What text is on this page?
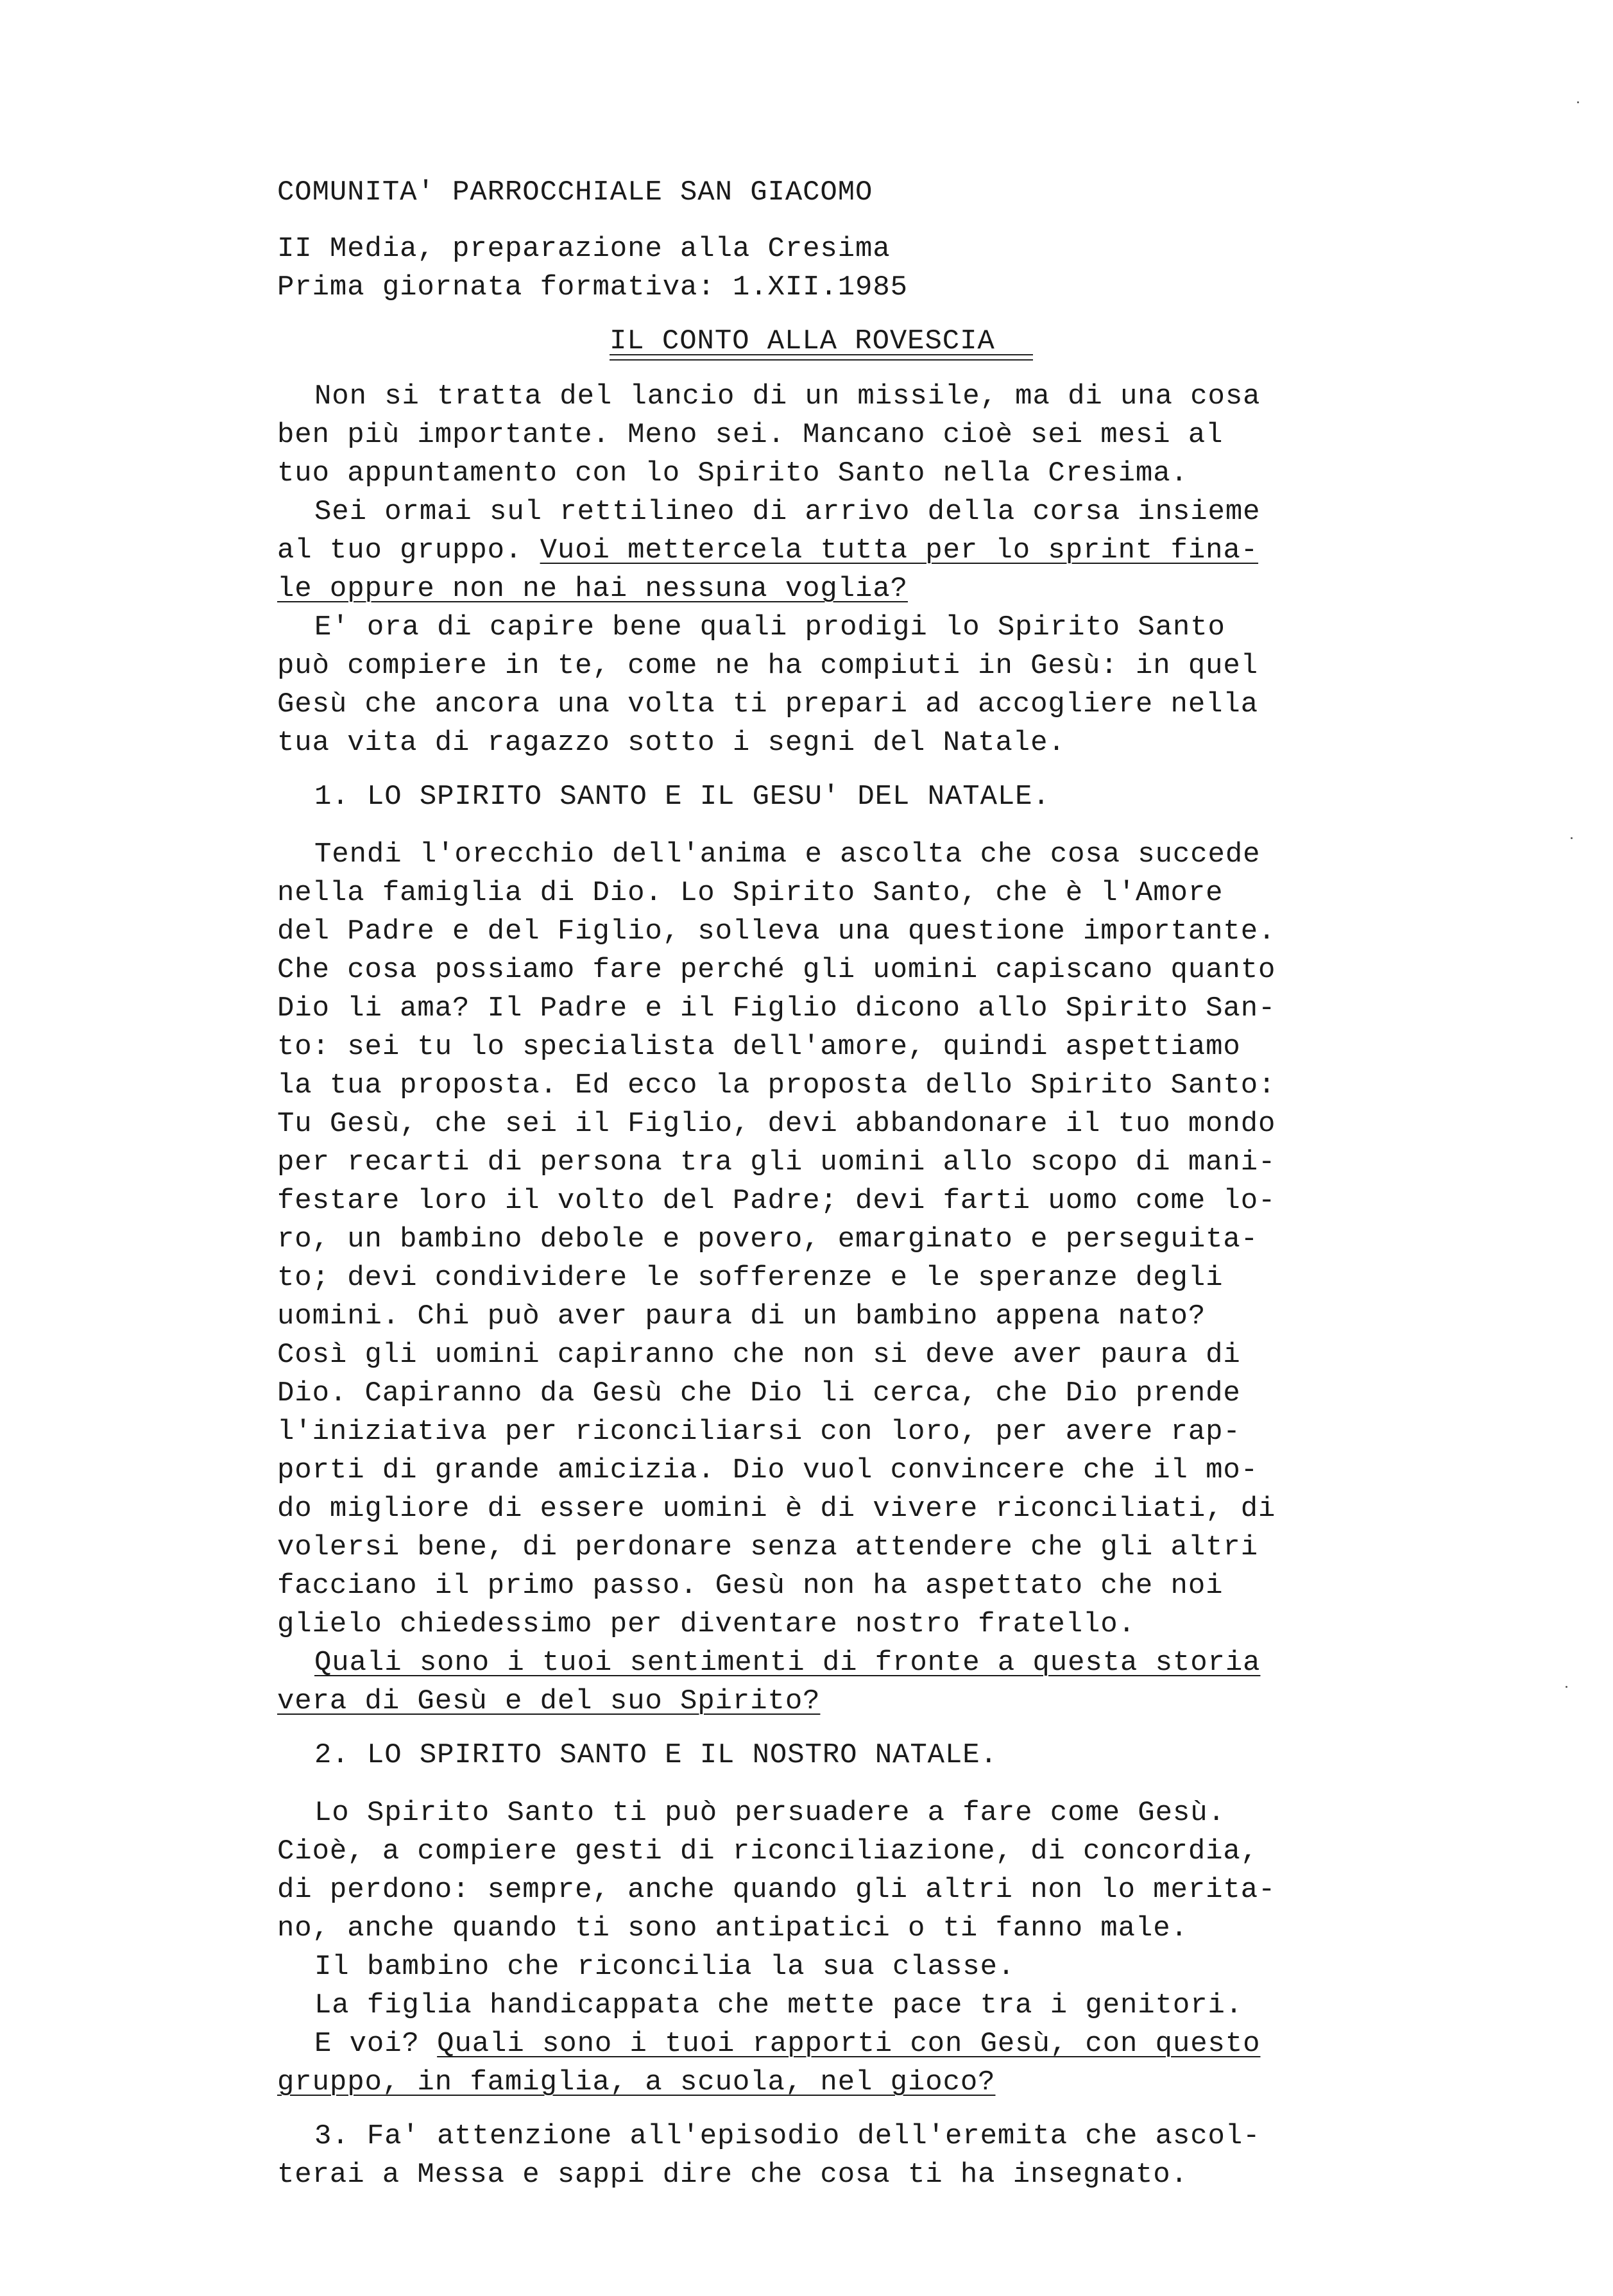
COMUNITA' PARROCCHIALE SAN GIACOMO
II Media, preparazione alla Cresima
Prima giornata formativa: 1.XII.1985
IL CONTO ALLA ROVESCIA
Non si tratta del lancio di un missile, ma di una cosa
ben più importante. Meno sei. Mancano cioè sei mesi al
tuo appuntamento con lo Spirito Santo nella Cresima.
Sei ormai sul rettilineo di arrivo della corsa insieme
al tuo gruppo. Vuoi mettercela tutta per lo sprint fina-
le oppure non ne hai nessuna voglia?
E' ora di capire bene quali prodigi lo Spirito Santo
può compiere in te, come ne ha compiuti in Gesù: in quel
Gesù che ancora una volta ti prepari ad accogliere nella
tua vita di ragazzo sotto i segni del Natale.
1. LO SPIRITO SANTO E IL GESU' DEL NATALE.
Tendi l'orecchio dell'anima e ascolta che cosa succede
nella famiglia di Dio. Lo Spirito Santo, che è l'Amore
del Padre e del Figlio, solleva una questione importante.
Che cosa possiamo fare perché gli uomini capiscano quanto
Dio li ama? Il Padre e il Figlio dicono allo Spirito San-
to: sei tu lo specialista dell'amore, quindi aspettiamo
la tua proposta. Ed ecco la proposta dello Spirito Santo:
Tu Gesù, che sei il Figlio, devi abbandonare il tuo mondo
per recarti di persona tra gli uomini allo scopo di mani-
festare loro il volto del Padre; devi farti uomo come lo-
ro, un bambino debole e povero, emarginato e perseguita-
to; devi condividere le sofferenze e le speranze degli
uomini. Chi può aver paura di un bambino appena nato?
Così gli uomini capiranno che non si deve aver paura di
Dio. Capiranno da Gesù che Dio li cerca, che Dio prende
l'iniziativa per riconciliarsi con loro, per avere rap-
porti di grande amicizia. Dio vuol convincere che il mo-
do migliore di essere uomini è di vivere riconciliati, di
volersi bene, di perdonare senza attendere che gli altri
facciano il primo passo. Gesù non ha aspettato che noi
glielo chiedessimo per diventare nostro fratello.
Quali sono i tuoi sentimenti di fronte a questa storia
vera di Gesù e del suo Spirito?
2. LO SPIRITO SANTO E IL NOSTRO NATALE.
Lo Spirito Santo ti può persuadere a fare come Gesù.
Cioè, a compiere gesti di riconciliazione, di concordia,
di perdono: sempre, anche quando gli altri non lo merita-
no, anche quando ti sono antipatici o ti fanno male.
Il bambino che riconcilia la sua classe.
La figlia handicappata che mette pace tra i genitori.
E voi? Quali sono i tuoi rapporti con Gesù, con questo
gruppo, in famiglia, a scuola, nel gioco?
3. Fa' attenzione all'episodio dell'eremita che ascol-
terai a Messa e sappi dire che cosa ti ha insegnato.
